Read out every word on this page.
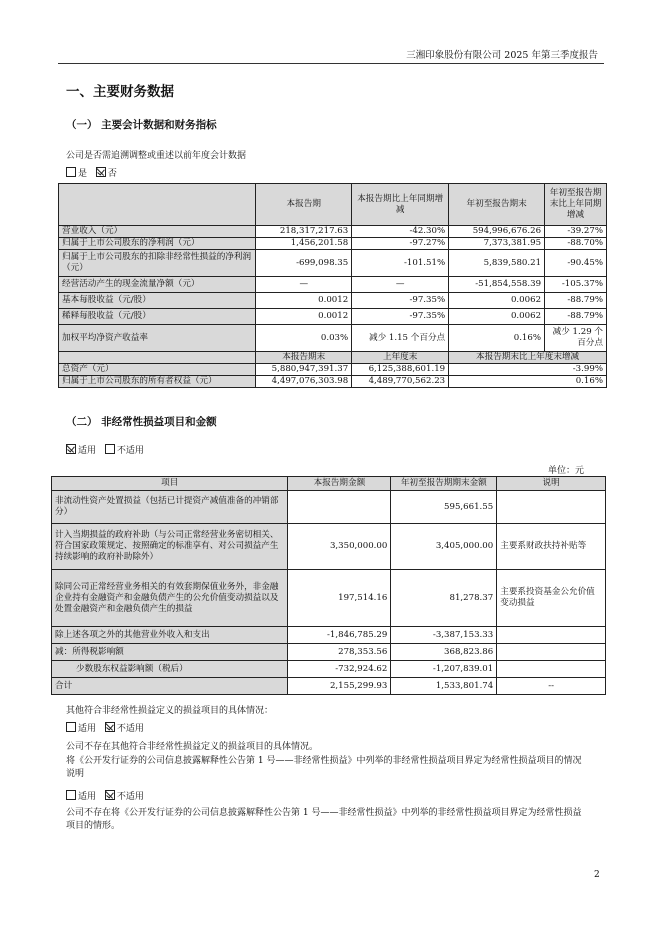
三湘印象股份有限公司 2025 年第三季度报告
一、主要财务数据
（一） 主要会计数据和财务指标
公司是否需追溯调整或重述以前年度会计数据
是 否
	本报告期	本报告期比上年同期增减	年初至报告期末	年初至报告期末比上年同期增减
营业收入（元）	218,317,217.63	-42.30%	594,996,676.26	-39.27%
归属于上市公司股东的净利润（元）	1,456,201.58	-97.27%	7,373,381.95	-88.70%
归属于上市公司股东的扣除非经常性损益的净利润（元）	-699,098.35	-101.51%	5,839,580.21	-90.45%
经营活动产生的现金流量净额（元）	—	—	-51,854,558.39	-105.37%
基本每股收益（元/股）	0.0012	-97.35%	0.0062	-88.79%
稀释每股收益（元/股）	0.0012	-97.35%	0.0062	-88.79%
加权平均净资产收益率	0.03%	减少 1.15 个百分点	0.16%	减少 1.29 个百分点
	本报告期末	上年度末	本报告期末比上年度末增减	
总资产（元）	5,880,947,391.37	6,125,388,601.19	-3.99%	
归属于上市公司股东的所有者权益（元）	4,497,076,303.98	4,489,770,562.23	0.16%	
（二） 非经常性损益项目和金额
适用 不适用
单位：元
项目	本报告期金额	年初至报告期期末金额	说明
非流动性资产处置损益（包括已计提资产减值准备的冲销部分）		595,661.55	
计入当期损益的政府补助（与公司正常经营业务密切相关、符合国家政策规定、按照确定的标准享有、对公司损益产生持续影响的政府补助除外）	3,350,000.00	3,405,000.00	主要系财政扶持补贴等
除同公司正常经营业务相关的有效套期保值业务外，非金融企业持有金融资产和金融负债产生的公允价值变动损益以及处置金融资产和金融负债产生的损益	197,514.16	81,278.37	主要系投资基金公允价值变动损益
除上述各项之外的其他营业外收入和支出	-1,846,785.29	-3,387,153.33	
减：所得税影响额	278,353.56	368,823.86	
少数股东权益影响额（税后）	-732,924.62	-1,207,839.01	
合计	2,155,299.93	1,533,801.74	--
其他符合非经常性损益定义的损益项目的具体情况：
适用 不适用
公司不存在其他符合非经常性损益定义的损益项目的具体情况。
将《公开发行证券的公司信息披露解释性公告第 1 号——非经常性损益》中列举的非经常性损益项目界定为经常性损益项目的情况说明
适用 不适用
公司不存在将《公开发行证券的公司信息披露解释性公告第 1 号——非经常性损益》中列举的非经常性损益项目界定为经常性损益项目的情形。
2
